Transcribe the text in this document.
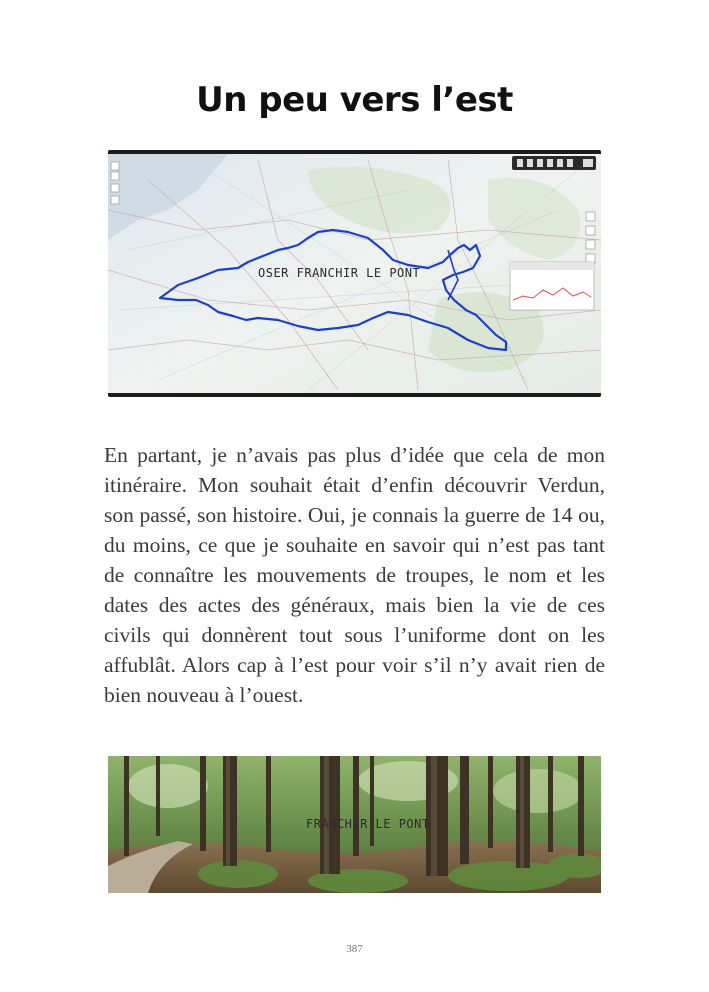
Un peu vers l’est
OSER FRANCHIR LE PONT

En partant, je n’avais pas plus d’idée que cela de mon itinéraire. Mon souhait était d’enfin découvrir Verdun, son passé, son histoire. Oui, je connais la guerre de 14 ou, du moins, ce que je souhaite en savoir qui n’est pas tant de connaître les mouvements de troupes, le nom et les dates des actes des généraux, mais bien la vie de ces civils qui donnèrent tout sous l’uniforme dont on les affublât. Alors cap à l’est pour voir s’il n’y avait rien de bien nouveau à l’ouest.

FRANCHIR LE PONT
387
